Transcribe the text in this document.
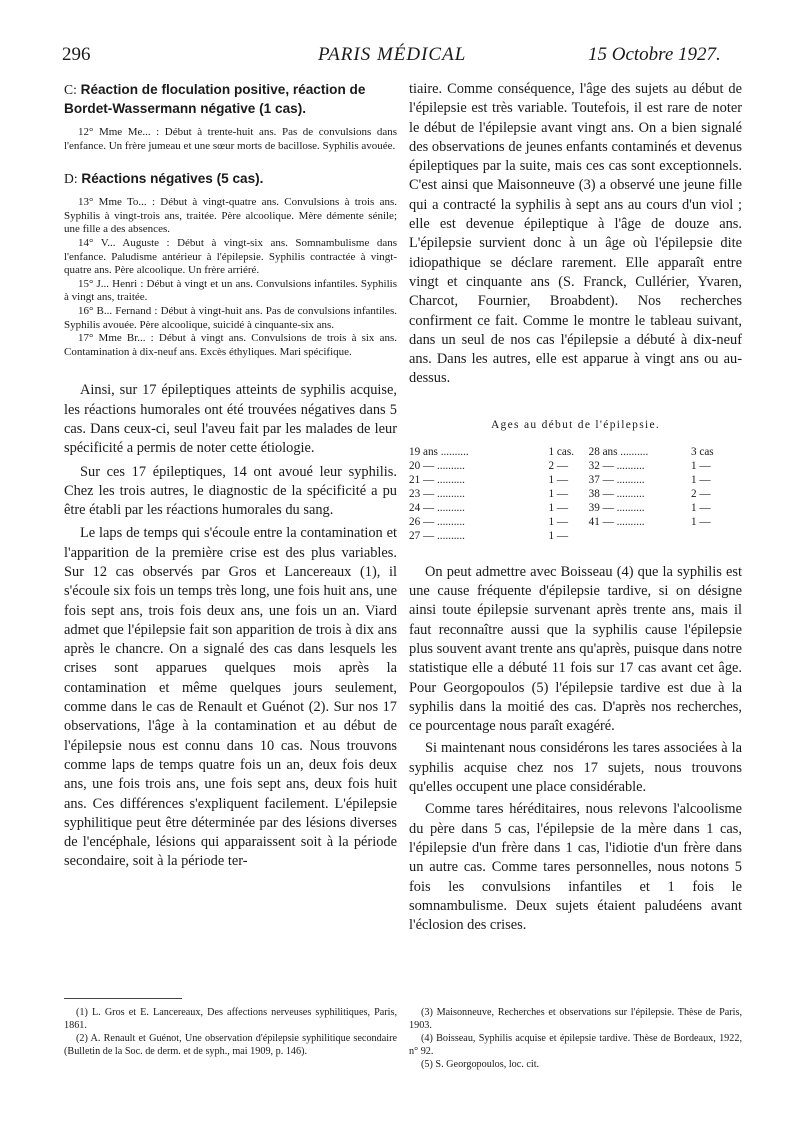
296	PARIS MÉDICAL	15 Octobre 1927.

C: Réaction de floculation positive, réaction de Bordet-Wassermann négative (1 cas).

12° Mme Me... : Début à trente-huit ans. Pas de convulsions dans l'enfance. Un frère jumeau et une sœur morts de bacillose. Syphilis avouée.

D: Réactions négatives (5 cas).

13° Mme To... : Début à vingt-quatre ans. Convulsions à trois ans. Syphilis à vingt-trois ans, traitée. Père alcoolique. Mère démente sénile; une fille a des absences.

14° V... Auguste : Début à vingt-six ans. Somnambulisme dans l'enfance. Paludisme antérieur à l'épilepsie. Syphilis contractée à vingt-quatre ans. Père alcoolique. Un frère arriéré.

15° J... Henri : Début à vingt et un ans. Convulsions infantiles. Syphilis à vingt ans, traitée.

16° B... Fernand : Début à vingt-huit ans. Pas de convulsions infantiles. Syphilis avouée. Père alcoolique, suicidé à cinquante-six ans.

17° Mme Br... : Début à vingt ans. Convulsions de trois à six ans. Contamination à dix-neuf ans. Excès éthyliques. Mari spécifique.

Ainsi, sur 17 épileptiques atteints de syphilis acquise, les réactions humorales ont été trouvées négatives dans 5 cas. Dans ceux-ci, seul l'aveu fait par les malades de leur spécificité a permis de noter cette étiologie.

Sur ces 17 épileptiques, 14 ont avoué leur syphilis. Chez les trois autres, le diagnostic de la spécificité a pu être établi par les réactions humorales du sang.

Le laps de temps qui s'écoule entre la contamination et l'apparition de la première crise est des plus variables. Sur 12 cas observés par Gros et Lancereaux (1), il s'écoule six fois un temps très long, une fois huit ans, une fois sept ans, trois fois deux ans, une fois un an. Viard admet que l'épilepsie fait son apparition de trois à dix ans après le chancre. On a signalé des cas dans lesquels les crises sont apparues quelques mois après la contamination et même quelques jours seulement, comme dans le cas de Renault et Guénot (2). Sur nos 17 observations, l'âge à la contamination et au début de l'épilepsie nous est connu dans 10 cas. Nous trouvons comme laps de temps quatre fois un an, deux fois deux ans, une fois trois ans, une fois sept ans, deux fois huit ans. Ces différences s'expliquent facilement. L'épilepsie syphilitique peut être déterminée par des lésions diverses de l'encéphale, lésions qui apparaissent soit à la période secondaire, soit à la période ter-

tiaire. Comme conséquence, l'âge des sujets au début de l'épilepsie est très variable. Toutefois, il est rare de noter le début de l'épilepsie avant vingt ans. On a bien signalé des observations de jeunes enfants contaminés et devenus épileptiques par la suite, mais ces cas sont exceptionnels. C'est ainsi que Maisonneuve (3) a observé une jeune fille qui a contracté la syphilis à sept ans au cours d'un viol ; elle est devenue épileptique à l'âge de douze ans. L'épilepsie survient donc à un âge où l'épilepsie dite idiopathique se déclare rarement. Elle apparaît entre vingt et cinquante ans (S. Franck, Cullérier, Yvaren, Charcot, Fournier, Broabdent). Nos recherches confirment ce fait. Comme le montre le tableau suivant, dans un seul de nos cas l'épilepsie a débuté à dix-neuf ans. Dans les autres, elle est apparue à vingt ans ou au-dessus.

Ages au début de l'épilepsie.

19 ans ..........	1 cas.	28 ans ..........	3 cas
20 — ..........	2 —	32 — ..........	1 —
21 — ..........	1 —	37 — ..........	1 —
23 — ..........	1 —	38 — ..........	2 —
24 — ..........	1 —	39 — ..........	1 —
26 — ..........	1 —	41 — ..........	1 —
27 — ..........	1 —		

On peut admettre avec Boisseau (4) que la syphilis est une cause fréquente d'épilepsie tardive, si on désigne ainsi toute épilepsie survenant après trente ans, mais il faut reconnaître aussi que la syphilis cause l'épilepsie plus souvent avant trente ans qu'après, puisque dans notre statistique elle a débuté 11 fois sur 17 cas avant cet âge. Pour Georgopoulos (5) l'épilepsie tardive est due à la syphilis dans la moitié des cas. D'après nos recherches, ce pourcentage nous paraît exagéré.

Si maintenant nous considérons les tares associées à la syphilis acquise chez nos 17 sujets, nous trouvons qu'elles occupent une place considérable.

Comme tares héréditaires, nous relevons l'alcoolisme du père dans 5 cas, l'épilepsie de la mère dans 1 cas, l'épilepsie d'un frère dans 1 cas, l'idiotie d'un frère dans un autre cas. Comme tares personnelles, nous notons 5 fois les convulsions infantiles et 1 fois le somnambulisme. Deux sujets étaient paludéens avant l'éclosion des crises.

(1) L. Gros et E. Lancereaux, Des affections nerveuses syphilitiques, Paris, 1861.

(2) A. Renault et Guénot, Une observation d'épilepsie syphilitique secondaire (Bulletin de la Soc. de derm. et de syph., mai 1909, p. 146).

(3) Maisonneuve, Recherches et observations sur l'épilepsie. Thèse de Paris, 1903.

(4) Boisseau, Syphilis acquise et épilepsie tardive. Thèse de Bordeaux, 1922, n° 92.

(5) S. Georgopoulos, loc. cit.
